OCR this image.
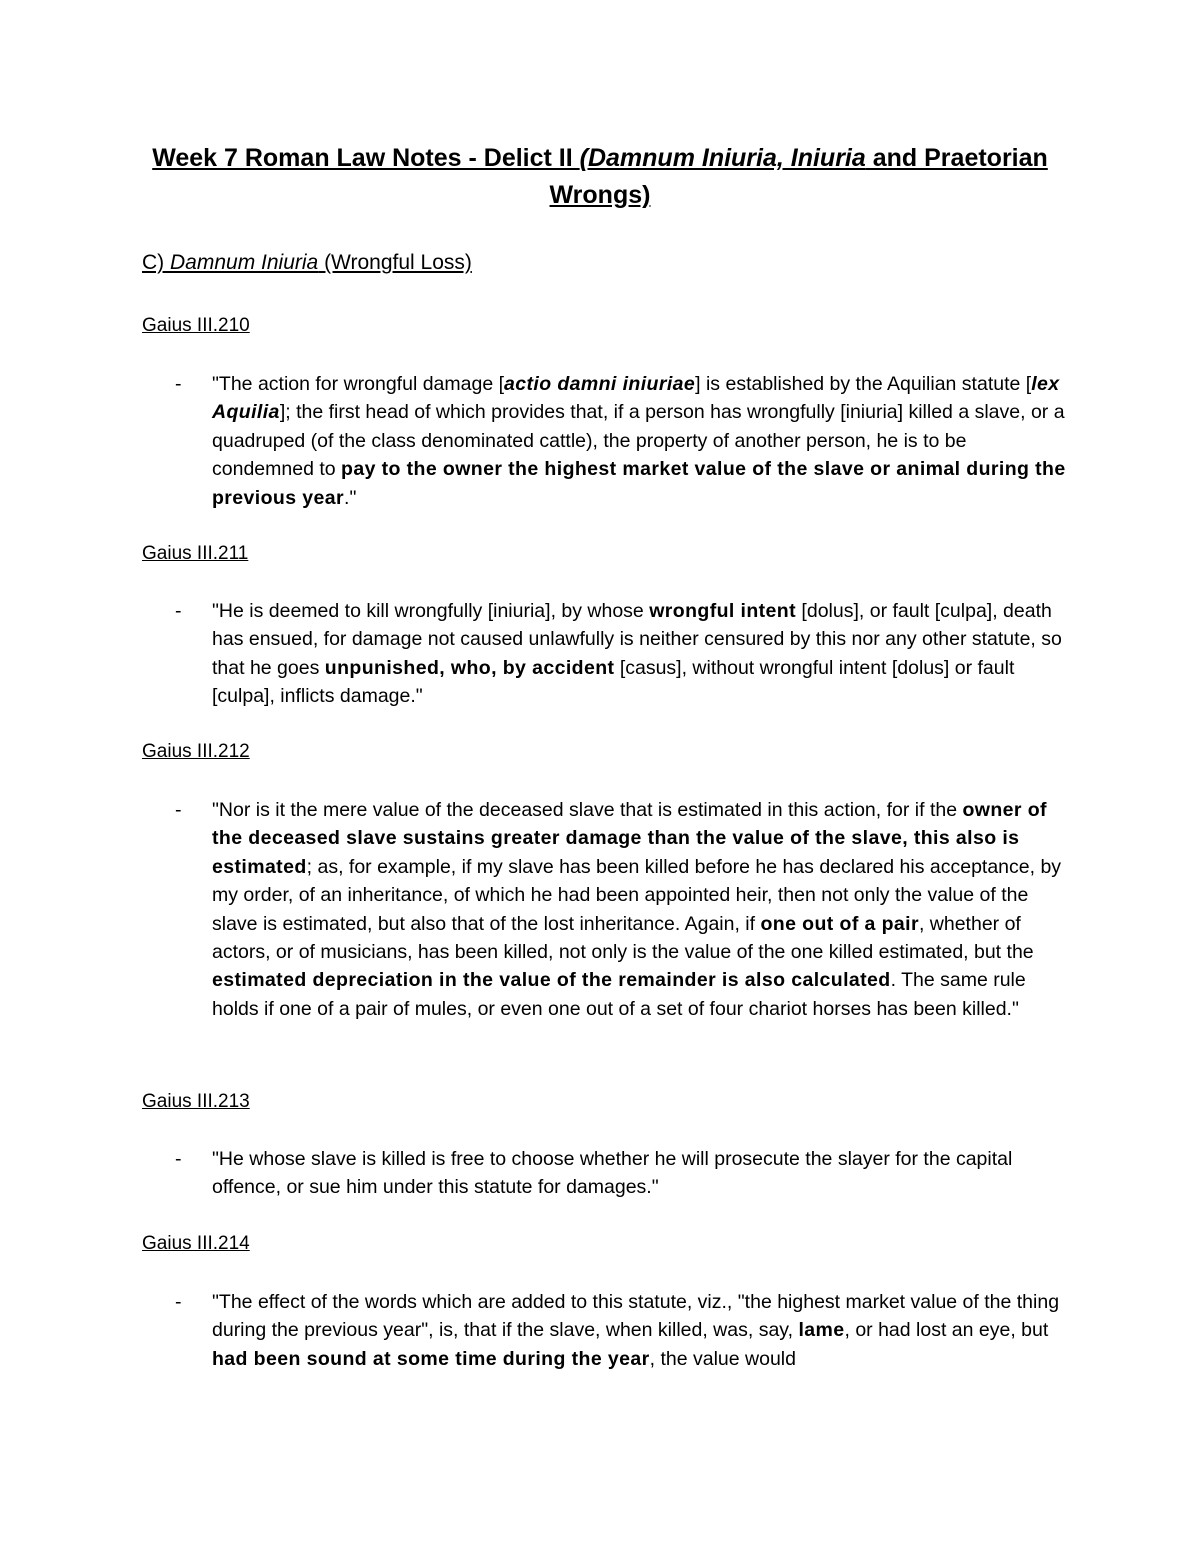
Week 7 Roman Law Notes - Delict II (Damnum Iniuria, Iniuria and Praetorian Wrongs)
C) Damnum Iniuria (Wrongful Loss)
Gaius III.210
- "The action for wrongful damage [actio damni iniuriae] is established by the Aquilian statute [lex Aquilia]; the first head of which provides that, if a person has wrongfully [iniuria] killed a slave, or a quadruped (of the class denominated cattle), the property of another person, he is to be condemned to pay to the owner the highest market value of the slave or animal during the previous year."
Gaius III.211
- "He is deemed to kill wrongfully [iniuria], by whose wrongful intent [dolus], or fault [culpa], death has ensued, for damage not caused unlawfully is neither censured by this nor any other statute, so that he goes unpunished, who, by accident [casus], without wrongful intent [dolus] or fault [culpa], inflicts damage."
Gaius III.212
- "Nor is it the mere value of the deceased slave that is estimated in this action, for if the owner of the deceased slave sustains greater damage than the value of the slave, this also is estimated; as, for example, if my slave has been killed before he has declared his acceptance, by my order, of an inheritance, of which he had been appointed heir, then not only the value of the slave is estimated, but also that of the lost inheritance. Again, if one out of a pair, whether of actors, or of musicians, has been killed, not only is the value of the one killed estimated, but the estimated depreciation in the value of the remainder is also calculated. The same rule holds if one of a pair of mules, or even one out of a set of four chariot horses has been killed."
Gaius III.213
- "He whose slave is killed is free to choose whether he will prosecute the slayer for the capital offence, or sue him under this statute for damages."
Gaius III.214
- "The effect of the words which are added to this statute, viz., "the highest market value of the thing during the previous year", is, that if the slave, when killed, was, say, lame, or had lost an eye, but had been sound at some time during the year, the value would
